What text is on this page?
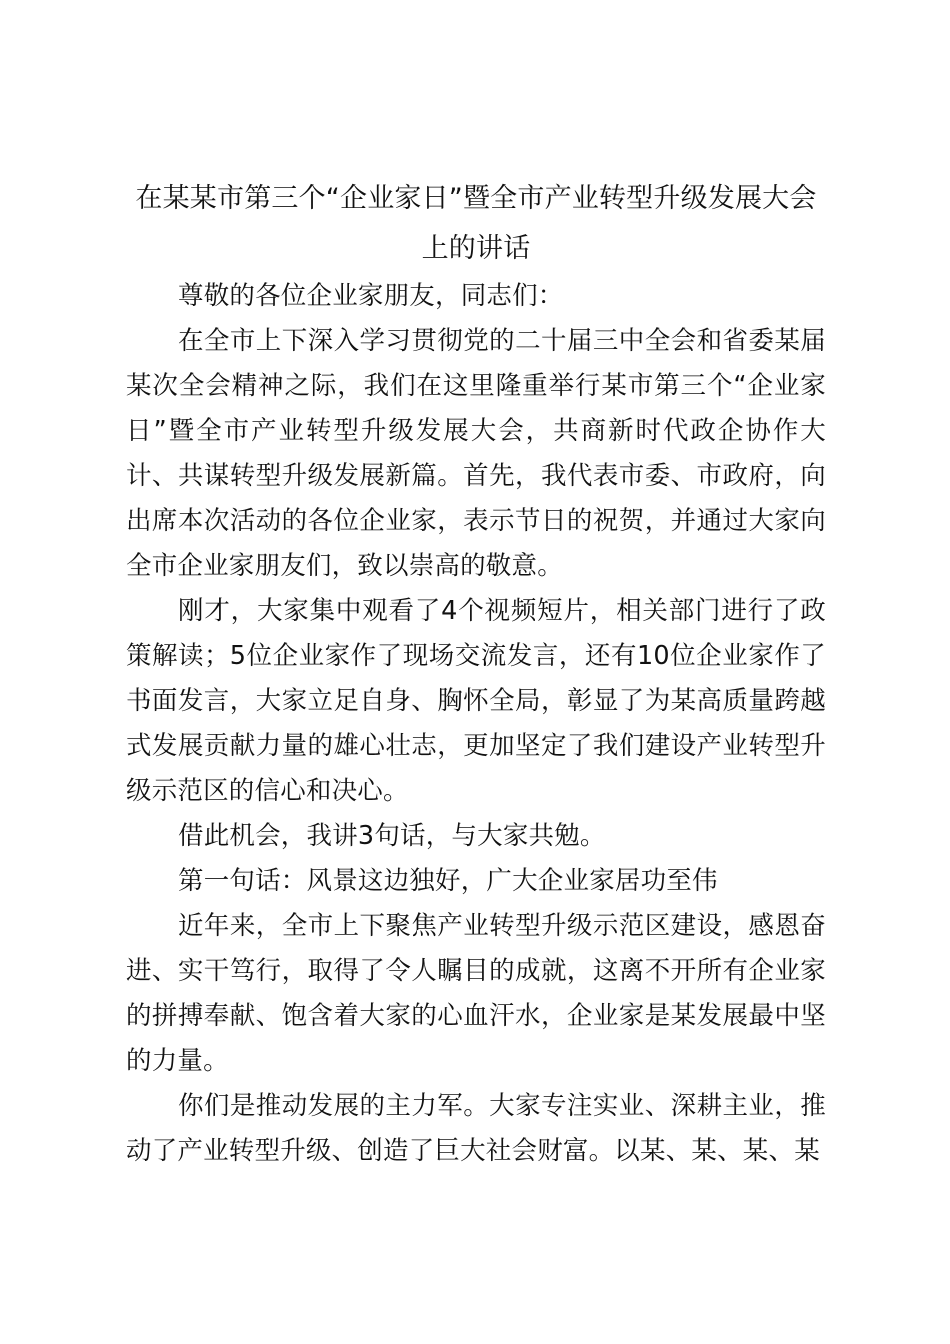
在某某市第三个“企业家日”暨全市产业转型升级发展大会上的讲话

尊敬的各位企业家朋友，同志们：

在全市上下深入学习贯彻党的二十届三中全会和省委某届某次全会精神之际，我们在这里隆重举行某市第三个“企业家日”暨全市产业转型升级发展大会，共商新时代政企协作大计、共谋转型升级发展新篇。首先，我代表市委、市政府，向出席本次活动的各位企业家，表示节日的祝贺，并通过大家向全市企业家朋友们，致以崇高的敬意。

刚才，大家集中观看了4个视频短片，相关部门进行了政策解读；5位企业家作了现场交流发言，还有10位企业家作了书面发言，大家立足自身、胸怀全局，彰显了为某高质量跨越式发展贡献力量的雄心壮志，更加坚定了我们建设产业转型升级示范区的信心和决心。

借此机会，我讲3句话，与大家共勉。

第一句话：风景这边独好，广大企业家居功至伟

近年来，全市上下聚焦产业转型升级示范区建设，感恩奋进、实干笃行，取得了令人瞩目的成就，这离不开所有企业家的拼搏奉献、饱含着大家的心血汗水，企业家是某发展最中坚的力量。

你们是推动发展的主力军。大家专注实业、深耕主业，推动了产业转型升级、创造了巨大社会财富。以某、某、某、某
